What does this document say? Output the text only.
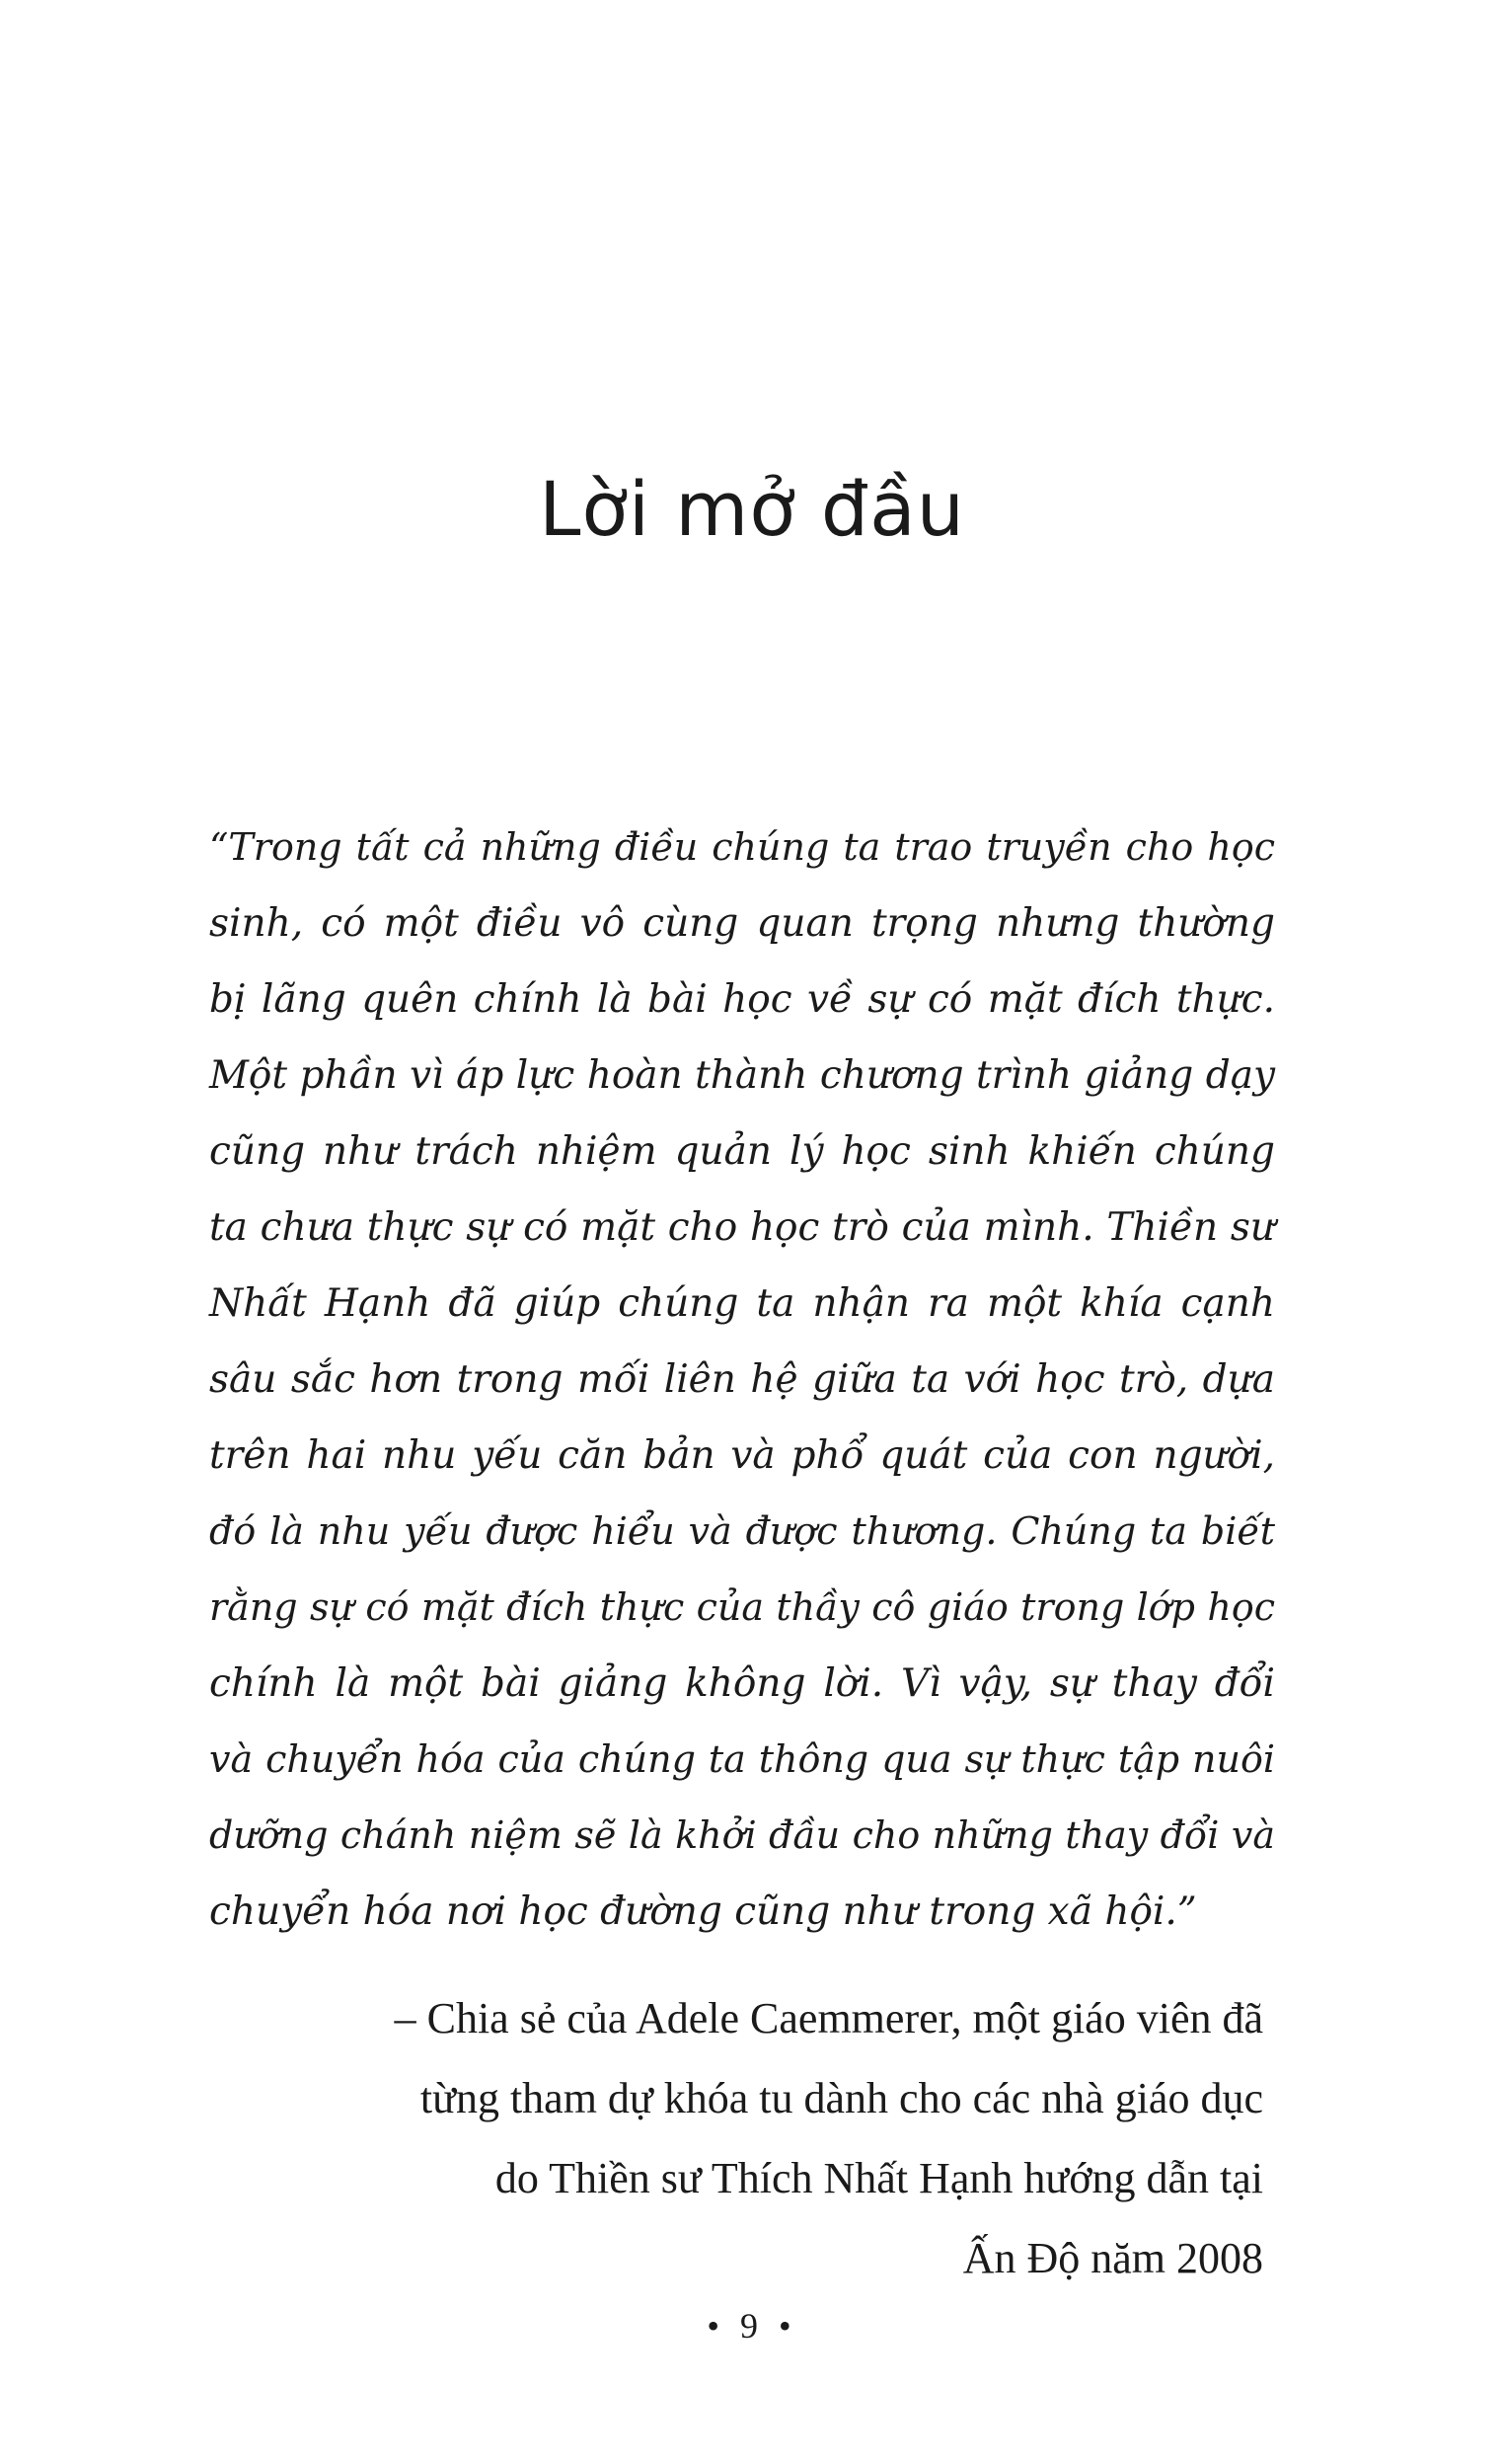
Lời mở đầu
“Trong tất cả những điều chúng ta trao truyền cho học
sinh, có một điều vô cùng quan trọng nhưng thường
bị lãng quên chính là bài học về sự có mặt đích thực.
Một phần vì áp lực hoàn thành chương trình giảng dạy
cũng như trách nhiệm quản lý học sinh khiến chúng
ta chưa thực sự có mặt cho học trò của mình. Thiền sư
Nhất Hạnh đã giúp chúng ta nhận ra một khía cạnh
sâu sắc hơn trong mối liên hệ giữa ta với học trò, dựa
trên hai nhu yếu căn bản và phổ quát của con người,
đó là nhu yếu được hiểu và được thương. Chúng ta biết
rằng sự có mặt đích thực của thầy cô giáo trong lớp học
chính là một bài giảng không lời. Vì vậy, sự thay đổi
và chuyển hóa của chúng ta thông qua sự thực tập nuôi
dưỡng chánh niệm sẽ là khởi đầu cho những thay đổi và
chuyển hóa nơi học đường cũng như trong xã hội.”
– Chia sẻ của Adele Caemmerer, một giáo viên đã
từng tham dự khóa tu dành cho các nhà giáo dục
do Thiền sư Thích Nhất Hạnh hướng dẫn tại
Ấn Độ năm 2008
• 9 •
